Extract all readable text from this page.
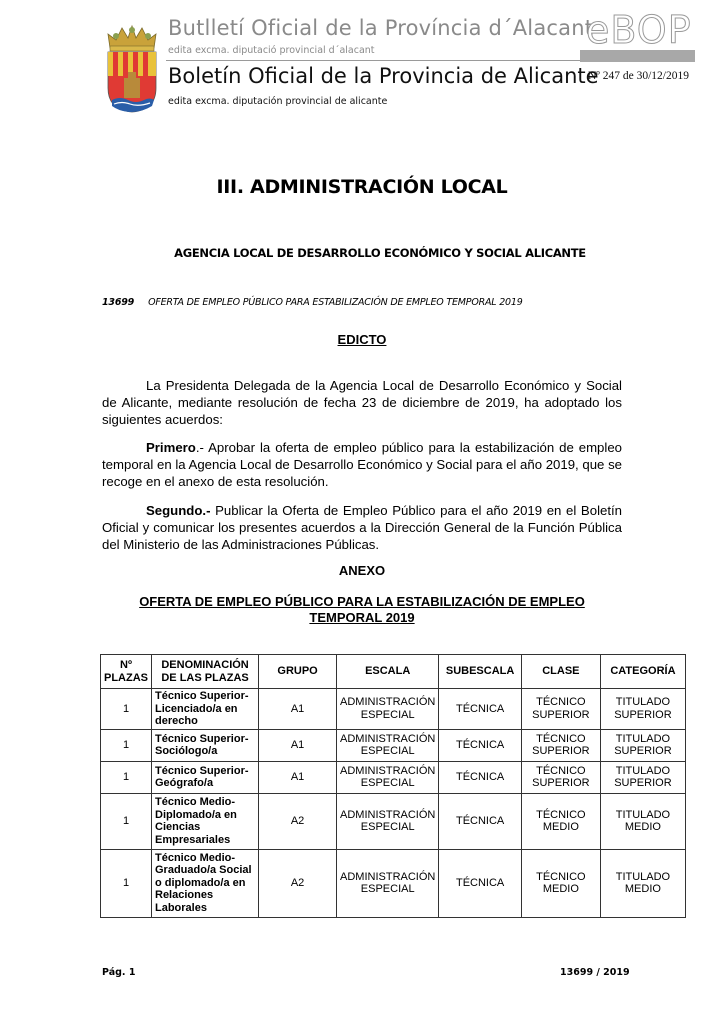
Butlletí Oficial de la Província d´Alacant
edita excma. diputació provincial d´alacant
Boletín Oficial de la Provincia de Alicante
edita excma. diputación provincial de alicante
eBOP
Nº 247 de 30/12/2019
III. ADMINISTRACIÓN LOCAL
AGENCIA LOCAL DE DESARROLLO ECONÓMICO Y SOCIAL ALICANTE
13699 OFERTA DE EMPLEO PÚBLICO PARA ESTABILIZACIÓN DE EMPLEO TEMPORAL 2019
EDICTO
La Presidenta Delegada de la Agencia Local de Desarrollo Económico y Social de Alicante, mediante resolución de fecha 23 de diciembre de 2019, ha adoptado los siguientes acuerdos:
Primero.- Aprobar la oferta de empleo público para la estabilización de empleo temporal en la Agencia Local de Desarrollo Económico y Social para el año 2019, que se recoge en el anexo de esta resolución.
Segundo.- Publicar la Oferta de Empleo Público para el año 2019 en el Boletín Oficial y comunicar los presentes acuerdos a la Dirección General de la Función Pública del Ministerio de las Administraciones Públicas.
ANEXO
OFERTA DE EMPLEO PÚBLICO PARA LA ESTABILIZACIÓN DE EMPLEO TEMPORAL 2019
Nº PLAZAS	DENOMINACIÓN DE LAS PLAZAS	GRUPO	ESCALA	SUBESCALA	CLASE	CATEGORÍA
1	Técnico Superior-Licenciado/a en derecho	A1	ADMINISTRACIÓN ESPECIAL	TÉCNICA	TÉCNICO SUPERIOR	TITULADO SUPERIOR
1	Técnico Superior-Sociólogo/a	A1	ADMINISTRACIÓN ESPECIAL	TÉCNICA	TÉCNICO SUPERIOR	TITULADO SUPERIOR
1	Técnico Superior-Geógrafo/a	A1	ADMINISTRACIÓN ESPECIAL	TÉCNICA	TÉCNICO SUPERIOR	TITULADO SUPERIOR
1	Técnico Medio-Diplomado/a en Ciencias Empresariales	A2	ADMINISTRACIÓN ESPECIAL	TÉCNICA	TÉCNICO MEDIO	TITULADO MEDIO
1	Técnico Medio-Graduado/a Social o diplomado/a en Relaciones Laborales	A2	ADMINISTRACIÓN ESPECIAL	TÉCNICA	TÉCNICO MEDIO	TITULADO MEDIO
Pág. 1	13699 / 2019
